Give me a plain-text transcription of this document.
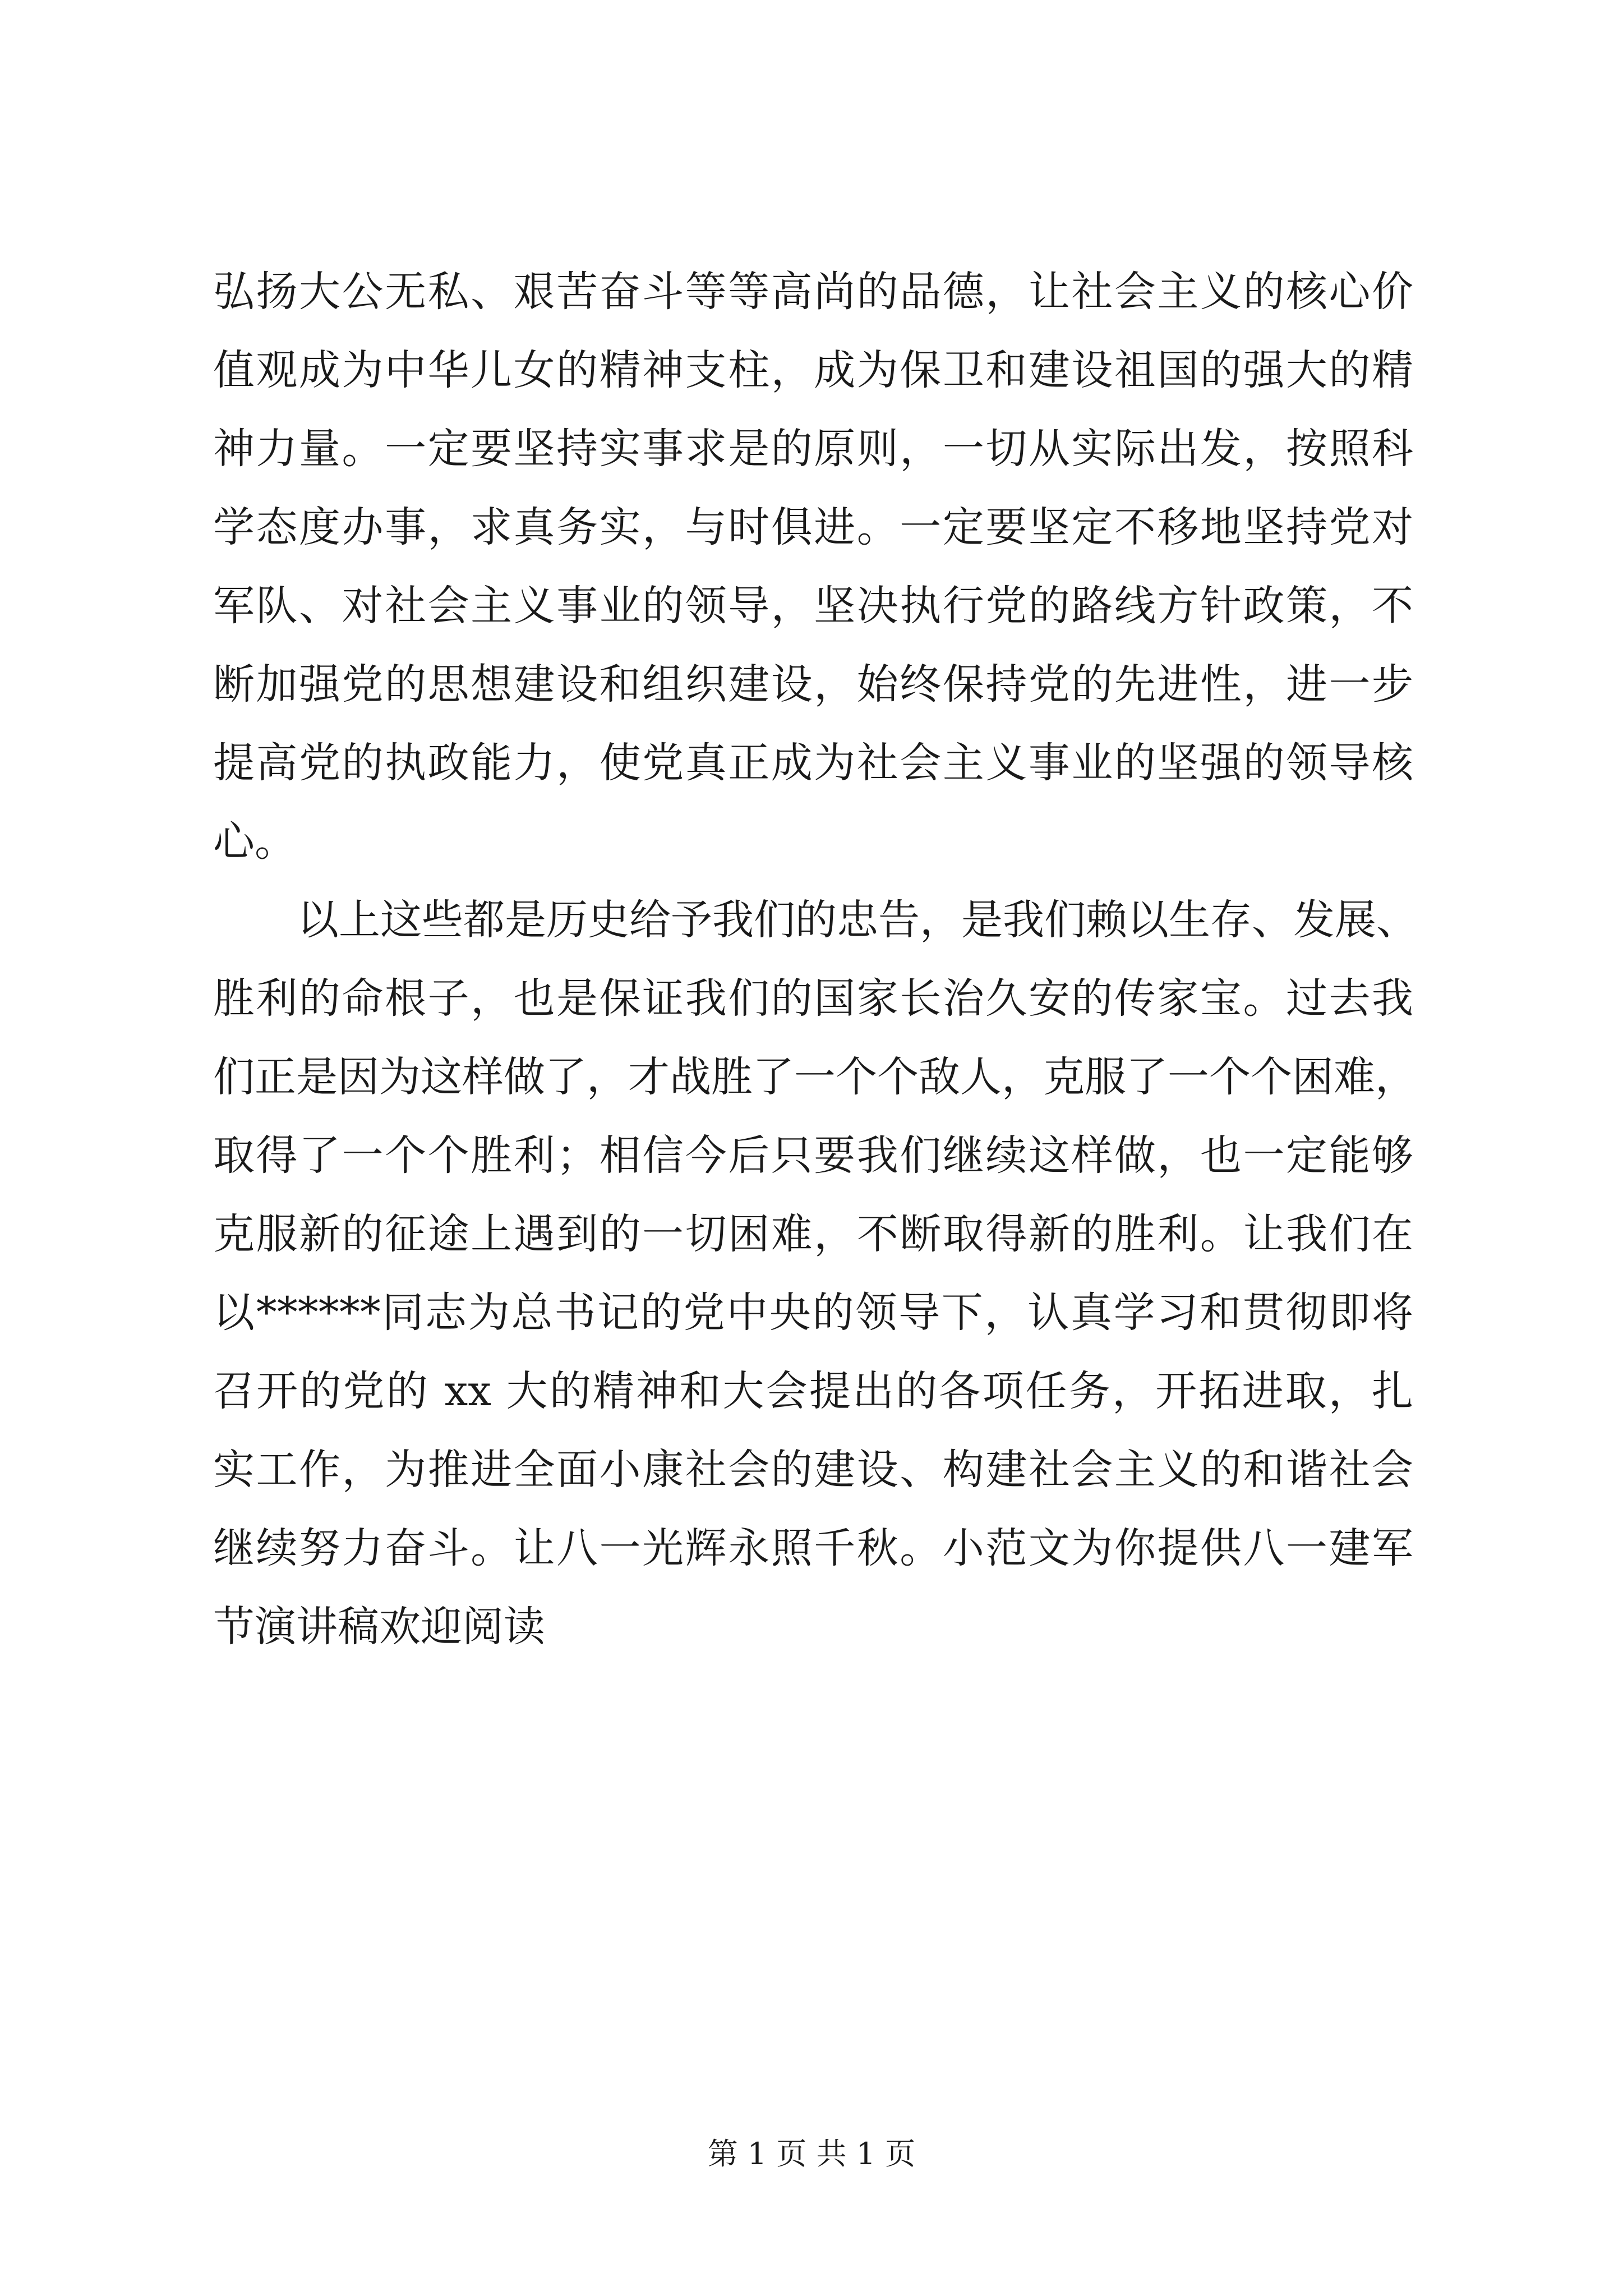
弘扬大公无私、艰苦奋斗等等高尚的品德，让社会主义的核心价
值观成为中华儿女的精神支柱，成为保卫和建设祖国的强大的精
神力量。一定要坚持实事求是的原则，一切从实际出发，按照科
学态度办事，求真务实，与时俱进。一定要坚定不移地坚持党对
军队、对社会主义事业的领导，坚决执行党的路线方针政策，不
断加强党的思想建设和组织建设，始终保持党的先进性，进一步
提高党的执政能力，使党真正成为社会主义事业的坚强的领导核
心。
以上这些都是历史给予我们的忠告，是我们赖以生存、发展、
胜利的命根子，也是保证我们的国家长治久安的传家宝。过去我
们正是因为这样做了，才战胜了一个个敌人，克服了一个个困难，
取得了一个个胜利；相信今后只要我们继续这样做，也一定能够
克服新的征途上遇到的一切困难，不断取得新的胜利。让我们在
以******同志为总书记的党中央的领导下，认真学习和贯彻即将
召开的党的 xx 大的精神和大会提出的各项任务，开拓进取，扎
实工作，为推进全面小康社会的建设、构建社会主义的和谐社会
继续努力奋斗。让八一光辉永照千秋。小范文为你提供八一建军
节演讲稿欢迎阅读
第 1 页 共 1 页
